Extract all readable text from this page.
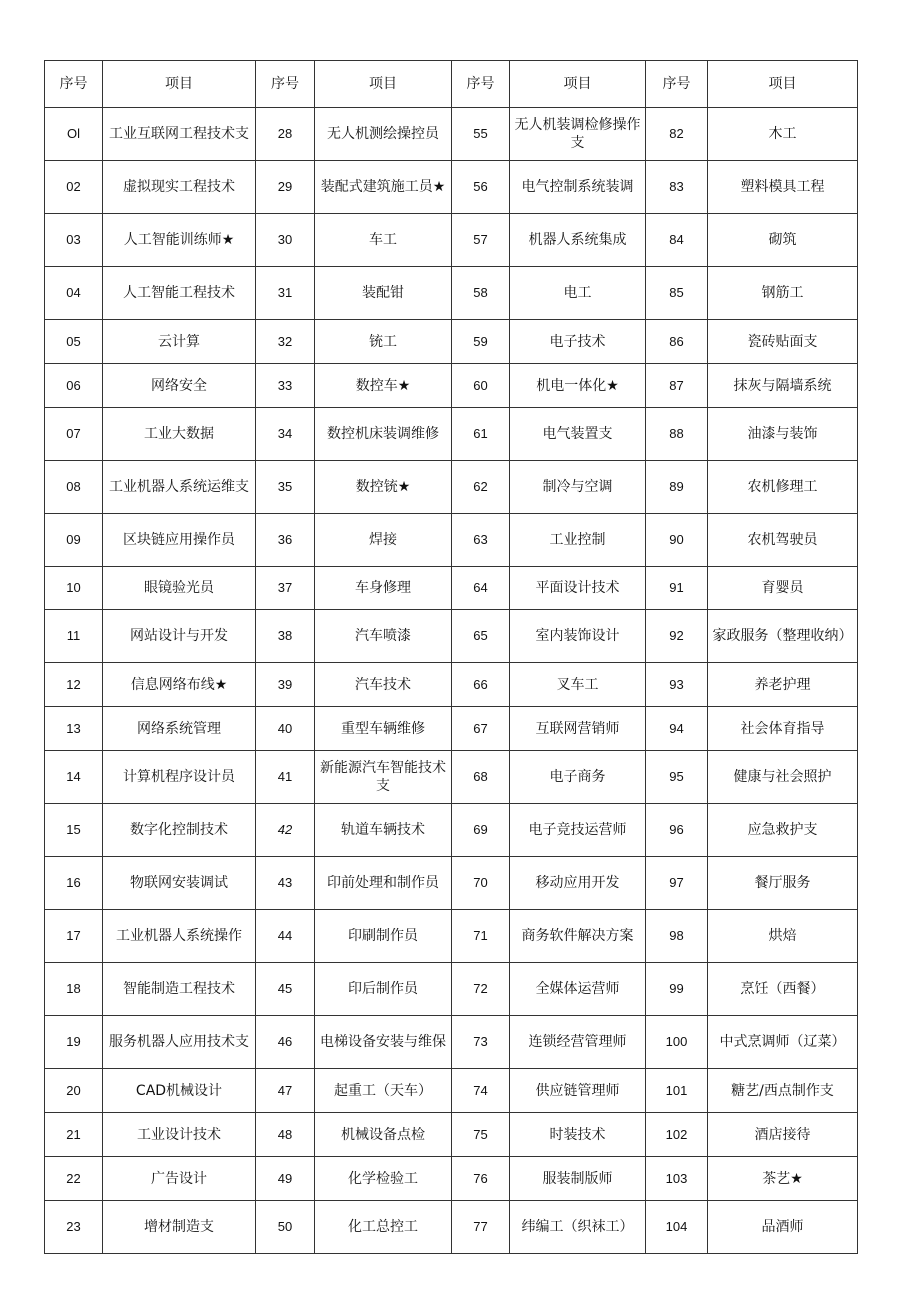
序号	项目	序号	项目	序号	项目	序号	项目
Ol	工业互联网工程技术支	28	无人机测绘操控员	55	无人机装调检修操作支	82	木工
02	虚拟现实工程技术	29	装配式建筑施工员★	56	电气控制系统装调	83	塑料模具工程
03	人工智能训练师★	30	车工	57	机器人系统集成	84	砌筑
04	人工智能工程技术	31	装配钳	58	电工	85	钢筋工
05	云计算	32	铳工	59	电子技术	86	瓷砖贴面支
06	网络安全	33	数控车★	60	机电一体化★	87	抹灰与隔墙系统
07	工业大数据	34	数控机床装调维修	61	电气装置支	88	油漆与装饰
08	工业机器人系统运维支	35	数控铳★	62	制冷与空调	89	农机修理工
09	区块链应用操作员	36	焊接	63	工业控制	90	农机驾驶员
10	眼镜验光员	37	车身修理	64	平面设计技术	91	育婴员
11	网站设计与开发	38	汽车喷漆	65	室内装饰设计	92	家政服务（整理收纳）
12	信息网络布线★	39	汽车技术	66	叉车工	93	养老护理
13	网络系统管理	40	重型车辆维修	67	互联网营销师	94	社会体育指导
14	计算机程序设计员	41	新能源汽车智能技术支	68	电子商务	95	健康与社会照护
15	数字化控制技术	42	轨道车辆技术	69	电子竞技运营师	96	应急救护支
16	物联网安装调试	43	印前处理和制作员	70	移动应用开发	97	餐厅服务
17	工业机器人系统操作	44	印刷制作员	71	商务软件解决方案	98	烘焙
18	智能制造工程技术	45	印后制作员	72	全媒体运营师	99	烹饪（西餐）
19	服务机器人应用技术支	46	电梯设备安装与维保	73	连锁经营管理师	100	中式烹调师（辽菜）
20	CAD机械设计	47	起重工（天车）	74	供应链管理师	101	糖艺/西点制作支
21	工业设计技术	48	机械设备点检	75	时装技术	102	酒店接待
22	广告设计	49	化学检验工	76	服装制版师	103	茶艺★
23	增材制造支	50	化工总控工	77	纬编工（织袜工）	104	品酒师
